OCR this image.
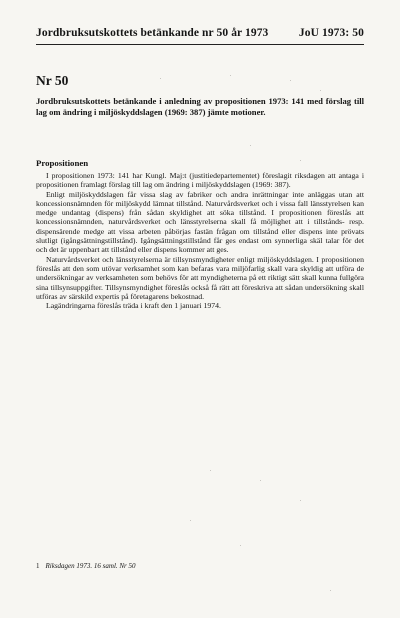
Jordbruksutskottets betänkande nr 50 år 1973	JoU 1973: 50
Nr 50
Jordbruksutskottets betänkande i anledning av propositionen 1973: 141 med förslag till lag om ändring i miljöskyddslagen (1969: 387) jämte motioner.
Propositionen

I propositionen 1973: 141 har Kungl. Maj:t (justitiedepartementet) föreslagit riksdagen att antaga i propositionen framlagt förslag till lag om ändring i miljöskyddslagen (1969: 387).

Enligt miljöskyddslagen får vissa slag av fabriker och andra inrättningar inte anläggas utan att koncessionsnämnden för miljöskydd lämnat tillstånd. Naturvårdsverket och i vissa fall länsstyrelsen kan medge undantag (dispens) från sådan skyldighet att söka tillstånd. I propositionen föreslås att koncessionsnämnden, naturvårdsverket och länsstyrelserna skall få möjlighet att i tillstånds- resp. dispensärende medge att vissa arbeten påbörjas fastän frågan om tillstånd eller dispens inte prövats slutligt (igångsättningstillstånd). Igångsättningstillstånd får ges endast om synnerliga skäl talar för det och det är uppenbart att tillstånd eller dispens kommer att ges.

Naturvårdsverket och länsstyrelserna är tillsynsmyndigheter enligt miljöskyddslagen. I propositionen föreslås att den som utövar verksamhet som kan befaras vara miljöfarlig skall vara skyldig att utföra de undersökningar av verksamheten som behövs för att myndigheterna på ett riktigt sätt skall kunna fullgöra sina tillsynsuppgifter. Tillsynsmyndighet föreslås också få rätt att föreskriva att sådan undersökning skall utföras av särskild expertis på företagarens bekostnad.

Lagändringarna föreslås träda i kraft den 1 januari 1974.

1 Riksdagen 1973. 16 saml. Nr 50
